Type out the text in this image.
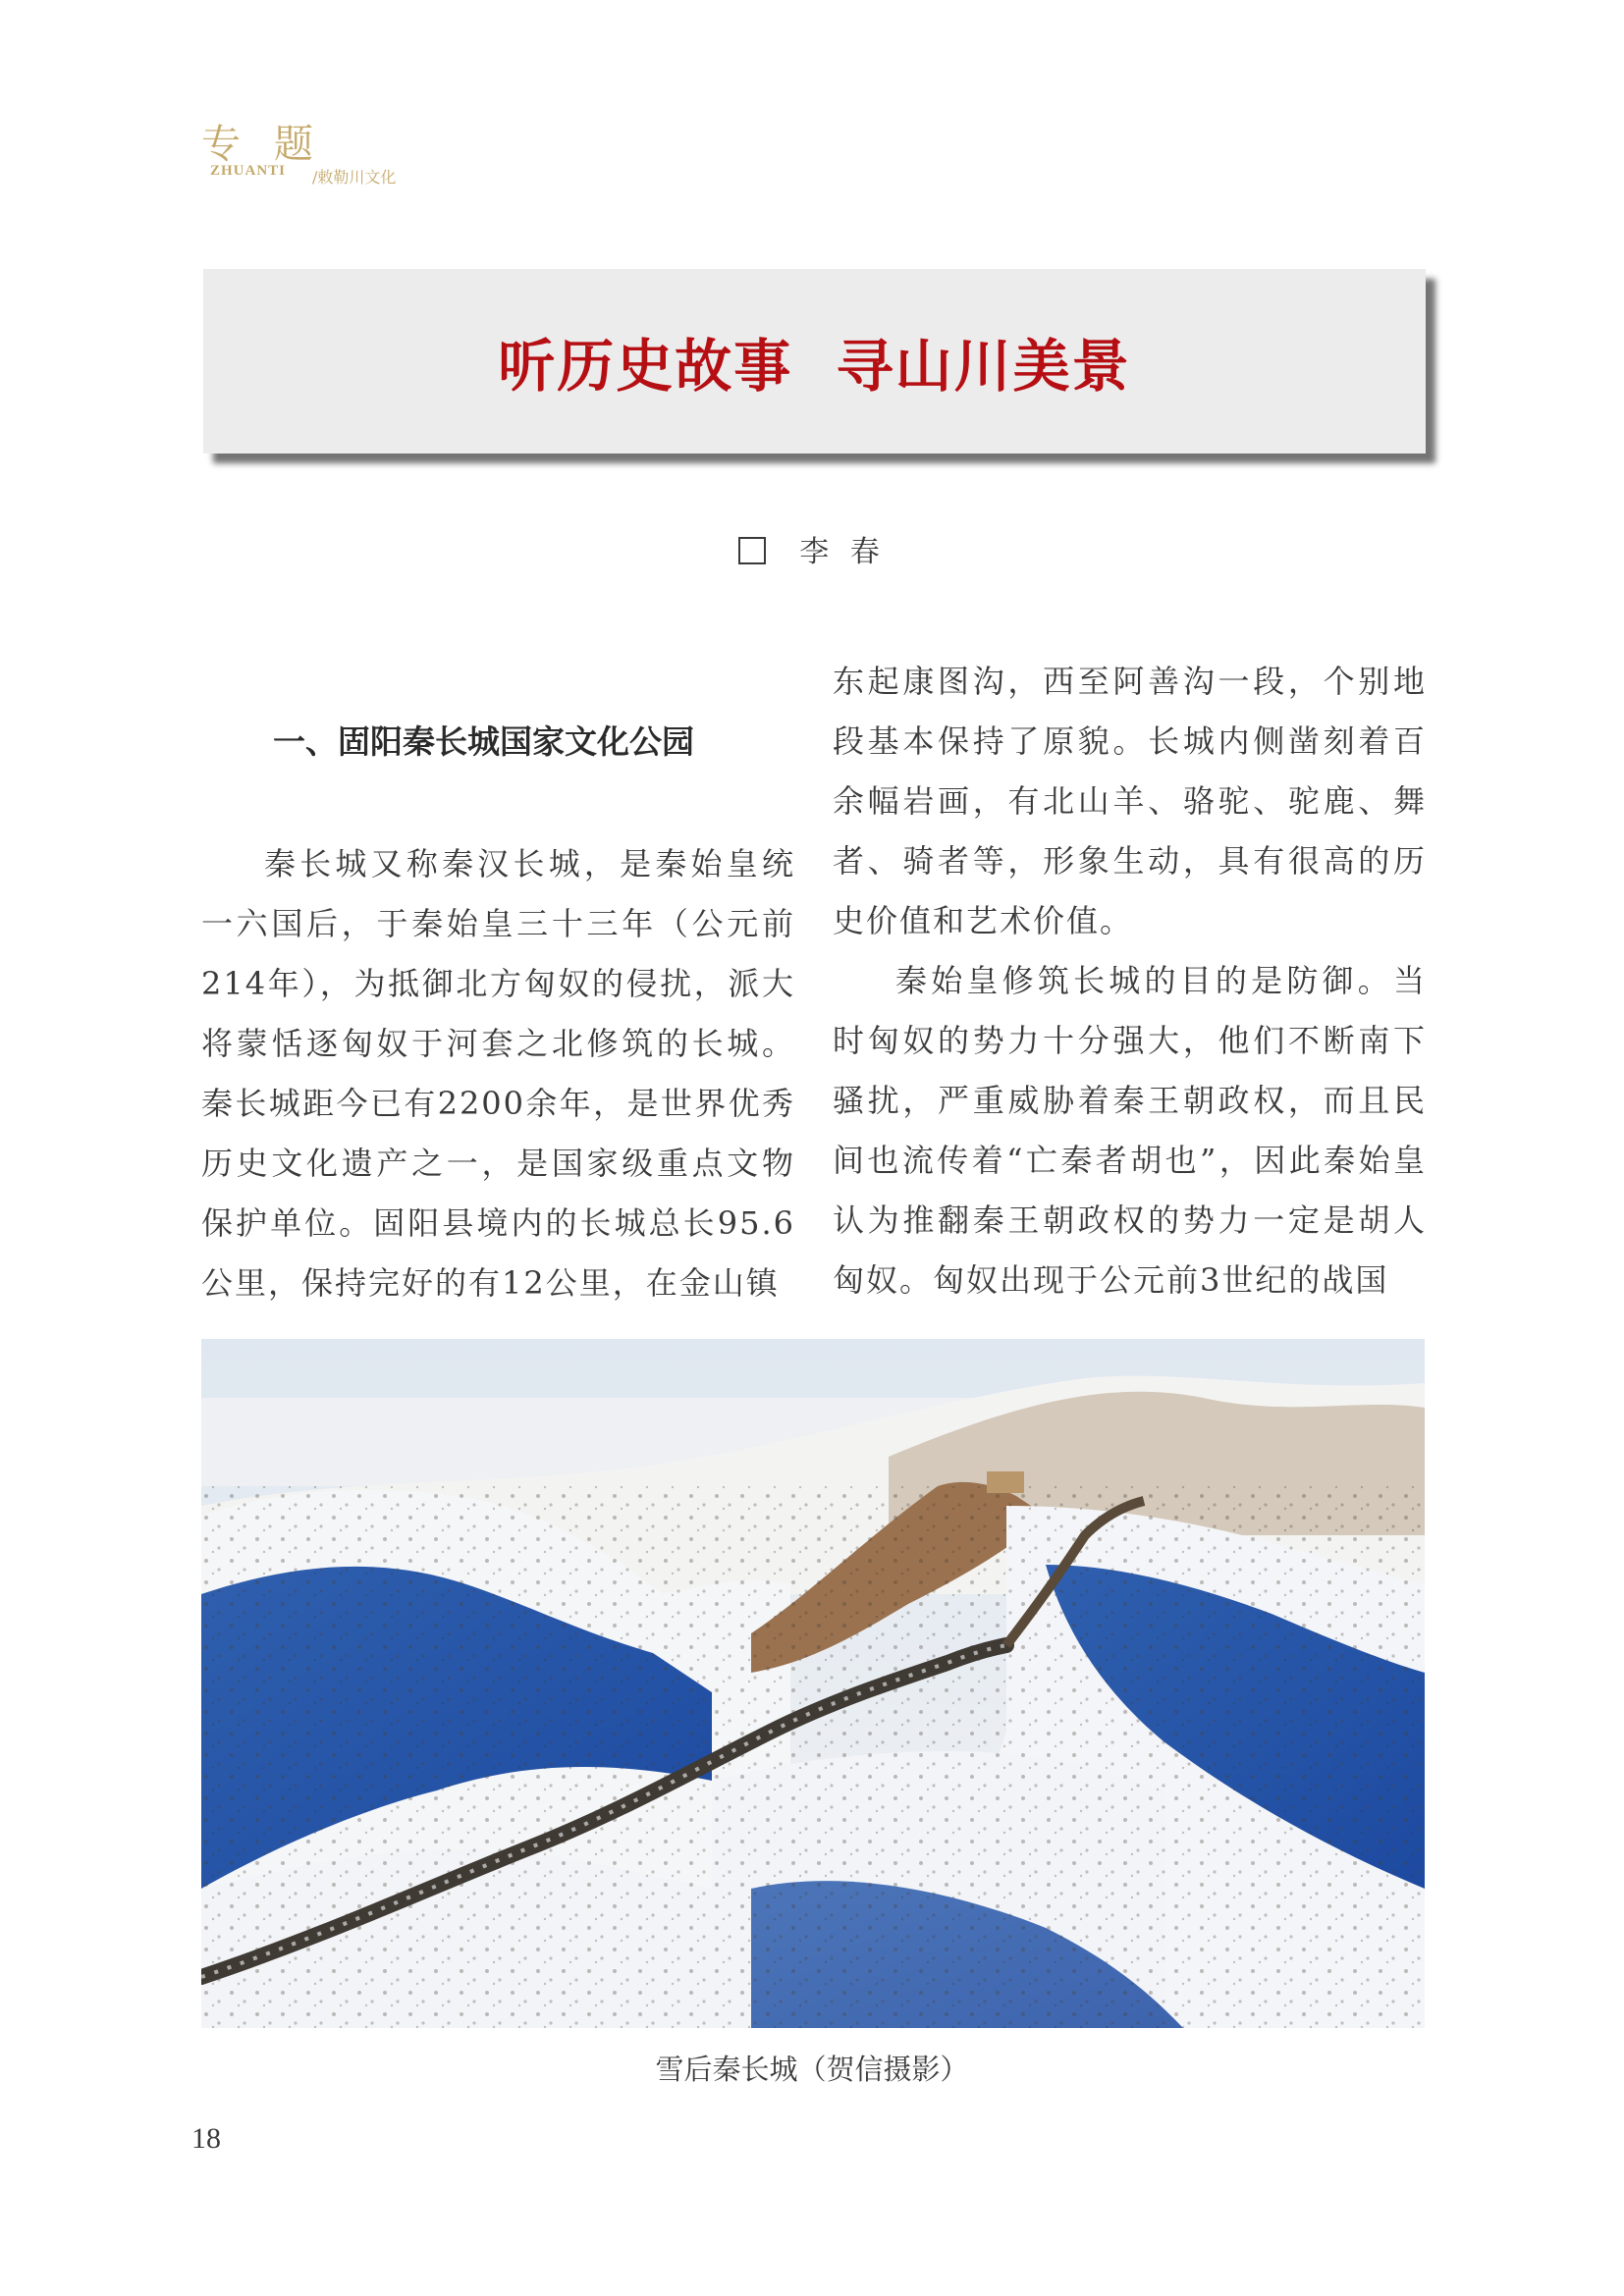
专题
ZHUANTI /敕勒川文化
听历史故事  寻山川美景
李 春
一、固阳秦长城国家文化公园

秦长城又称秦汉长城，是秦始皇统一六国后，于秦始皇三十三年（公元前214年），为抵御北方匈奴的侵扰，派大将蒙恬逐匈奴于河套之北修筑的长城。秦长城距今已有2200余年，是世界优秀历史文化遗产之一，是国家级重点文物保护单位。固阳县境内的长城总长95.6公里，保持完好的有12公里，在金山镇

东起康图沟，西至阿善沟一段，个别地段基本保持了原貌。长城内侧凿刻着百余幅岩画，有北山羊、骆驼、驼鹿、舞者、骑者等，形象生动，具有很高的历史价值和艺术价值。

秦始皇修筑长城的目的是防御。当时匈奴的势力十分强大，他们不断南下骚扰，严重威胁着秦王朝政权，而且民间也流传着“亡秦者胡也”，因此秦始皇认为推翻秦王朝政权的势力一定是胡人匈奴。匈奴出现于公元前3世纪的战国

雪后秦长城（贺信摄影）
18
